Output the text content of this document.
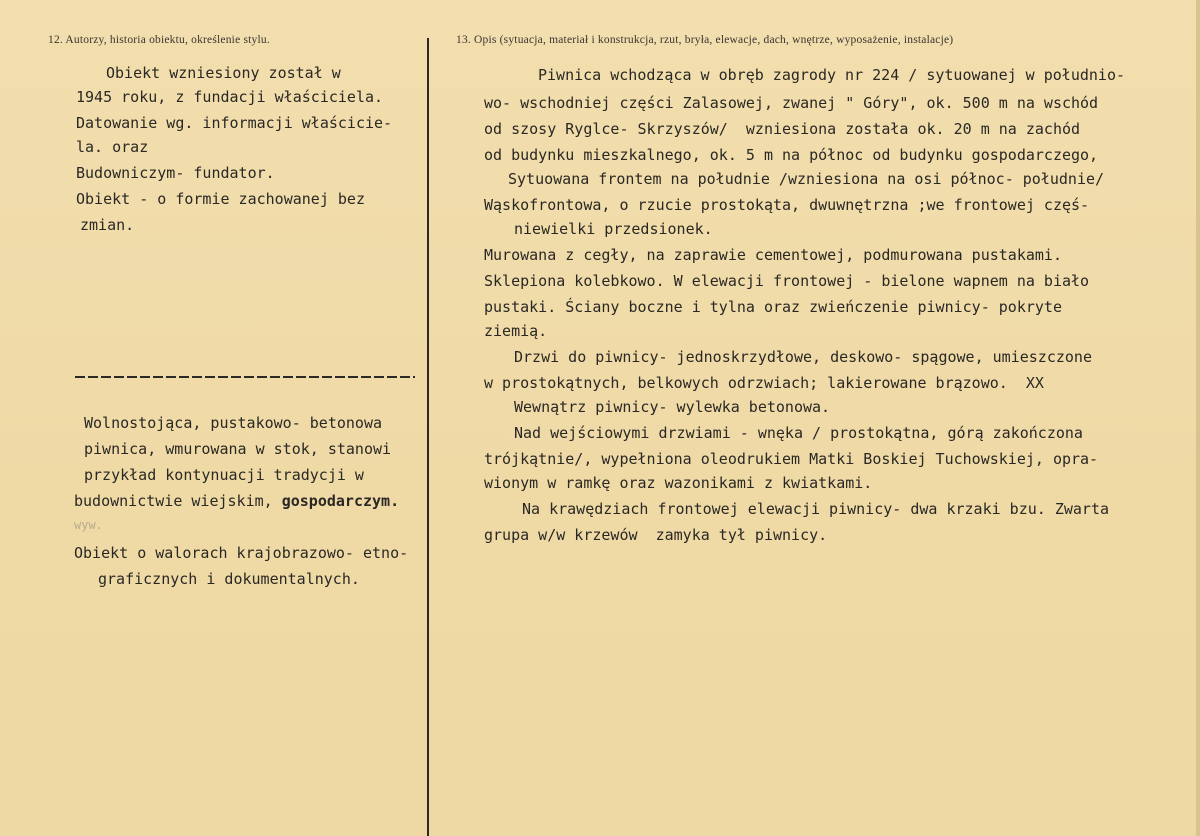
12. Autorzy, historia obiektu, określenie stylu.	13. Opis (sytuacja, materiał i konstrukcja, rzut, bryła, elewacje, dach, wnętrze, wyposażenie, instalacje)
Obiekt wzniesiony został w
1945 roku, z fundacji właściciela.
Datowanie wg. informacji właściciе-
la. oraz
Budowniczym- fundator.
Obiekt - o formie zachowanej bez
zmian.
Wolnostojąca, pustakowo- betonowa
piwnica, wmurowana w stok, stanowi
przykład kontynuacji tradycji w
budownictwie wiejskim, gospodarczym.
wyw.
Obiekt o walorach krajobrazowo- etno-
graficznych i dokumentalnych.
Piwnica wchodząca w obręb zagrody nr 224 / sytuowanej w południo-
wo- wschodniej części Zalasowej, zwanej " Góry", ok. 500 m na wschód
od szosy Ryglce- Skrzyszów/  wzniesiona została ok. 20 m na zachód
od budynku mieszkalnego, ok. 5 m na północ od budynku gospodarczego,
Sytuowana frontem na południe /wzniesiona na osi północ- południe/
Wąskofrontowa, o rzucie prostokąta, dwuwnętrzna ;we frontowej częś-
niewielki przedsionek.
Murowana z cegły, na zaprawie cementowej, podmurowana pustakami.
Sklepiona kolebkowo. W elewacji frontowej - bielone wapnem na biało
pustaki. Ściany boczne i tylna oraz zwieńczenie piwnicy- pokryte
ziemią.
Drzwi do piwnicy- jednoskrzydłowe, deskowo- spągowe, umieszczone
w prostokątnych, belkowych odrzwiach; lakierowane brązowo.  XX
Wewnątrz piwnicy- wylewka betonowa.
Nad wejściowymi drzwiami - wnęka / prostokątna, górą zakończona
trójkątnie/, wypełniona oleodrukiem Matki Boskiej Tuchowskiej, opra-
wionym w ramkę oraz wazonikami z kwiatkami.
Na krawędziach frontowej elewacji piwnicy- dwa krzaki bzu. Zwarta
grupa w/w krzewów  zamyka tył piwnicy.
